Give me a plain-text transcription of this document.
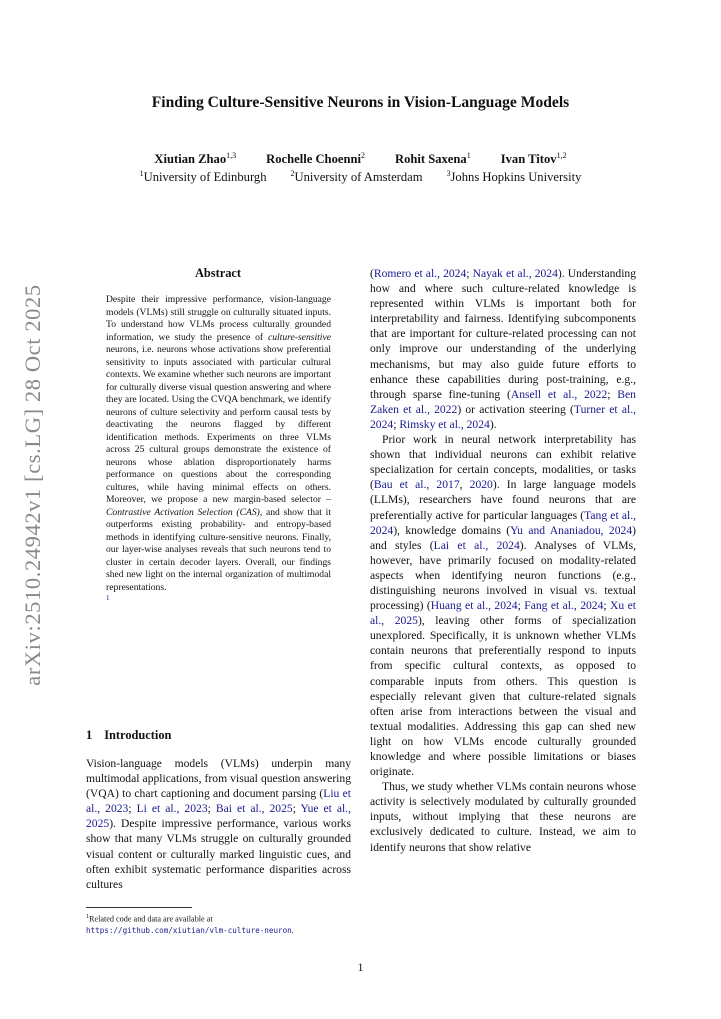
arXiv:2510.24942v1 [cs.LG] 28 Oct 2025
Finding Culture-Sensitive Neurons in Vision-Language Models
Xiutian Zhao$^{1,3}$ Rochelle Choenni$^2$ Rohit Saxena$^1$ Ivan Titov$^{1,2}$
$^1$University of Edinburgh	$^2$University of Amsterdam	$^3$Johns Hopkins University
Abstract
Despite their impressive performance, vision-language models (VLMs) still struggle on culturally situated inputs. To understand how VLMs process culturally grounded information, we study the presence of culture-sensitive neurons, i.e. neurons whose activations show preferential sensitivity to inputs associated with particular cultural contexts. We examine whether such neurons are important for culturally diverse visual question answering and where they are located. Using the CVQA benchmark, we identify neurons of culture selectivity and perform causal tests by deactivating the neurons flagged by different identification methods. Experiments on three VLMs across 25 cultural groups demonstrate the existence of neurons whose ablation disproportionately harms performance on questions about the corresponding cultures, while having minimal effects on others. Moreover, we propose a new margin-based selector – Contrastive Activation Selection (CAS), and show that it outperforms existing probability- and entropy-based methods in identifying culture-sensitive neurons. Finally, our layer-wise analyses reveals that such neurons tend to cluster in certain decoder layers. Overall, our findings shed new light on the internal organization of multimodal representations.
1
1 Introduction
Vision-language models (VLMs) underpin many multimodal applications, from visual question answering (VQA) to chart captioning and document parsing (Liu et al., 2023; Li et al., 2023; Bai et al., 2025; Yue et al., 2025). Despite impressive performance, various works show that many VLMs struggle on culturally grounded visual content or culturally marked linguistic cues, and often exhibit systematic performance disparities across cultures

(Romero et al., 2024; Nayak et al., 2024). Understanding how and where such culture-related knowledge is represented within VLMs is important both for interpretability and fairness. Identifying subcomponents that are important for culture-related processing can not only improve our understanding of the underlying mechanisms, but may also guide future efforts to enhance these capabilities during post-training, e.g., through sparse fine-tuning (Ansell et al., 2022; Ben Zaken et al., 2022) or activation steering (Turner et al., 2024; Rimsky et al., 2024).

Prior work in neural network interpretability has shown that individual neurons can exhibit relative specialization for certain concepts, modalities, or tasks (Bau et al., 2017, 2020). In large language models (LLMs), researchers have found neurons that are preferentially active for particular languages (Tang et al., 2024), knowledge domains (Yu and Ananiadou, 2024) and styles (Lai et al., 2024). Analyses of VLMs, however, have primarily focused on modality-related aspects when identifying neuron functions (e.g., distinguishing neurons involved in visual vs. textual processing) (Huang et al., 2024; Fang et al., 2024; Xu et al., 2025), leaving other forms of specialization unexplored. Specifically, it is unknown whether VLMs contain neurons that preferentially respond to inputs from specific cultural contexts, as opposed to comparable inputs from others. This question is especially relevant given that culture-related signals often arise from interactions between the visual and textual modalities. Addressing this gap can shed new light on how VLMs encode culturally grounded knowledge and where possible limitations or biases originate.

Thus, we study whether VLMs contain neurons whose activity is selectively modulated by culturally grounded inputs, without implying that these neurons are exclusively dedicated to culture. Instead, we aim to identify neurons that show relative

$^1$Related code and data are available at https://github.com/xiutian/vlm-culture-neuron.
1
